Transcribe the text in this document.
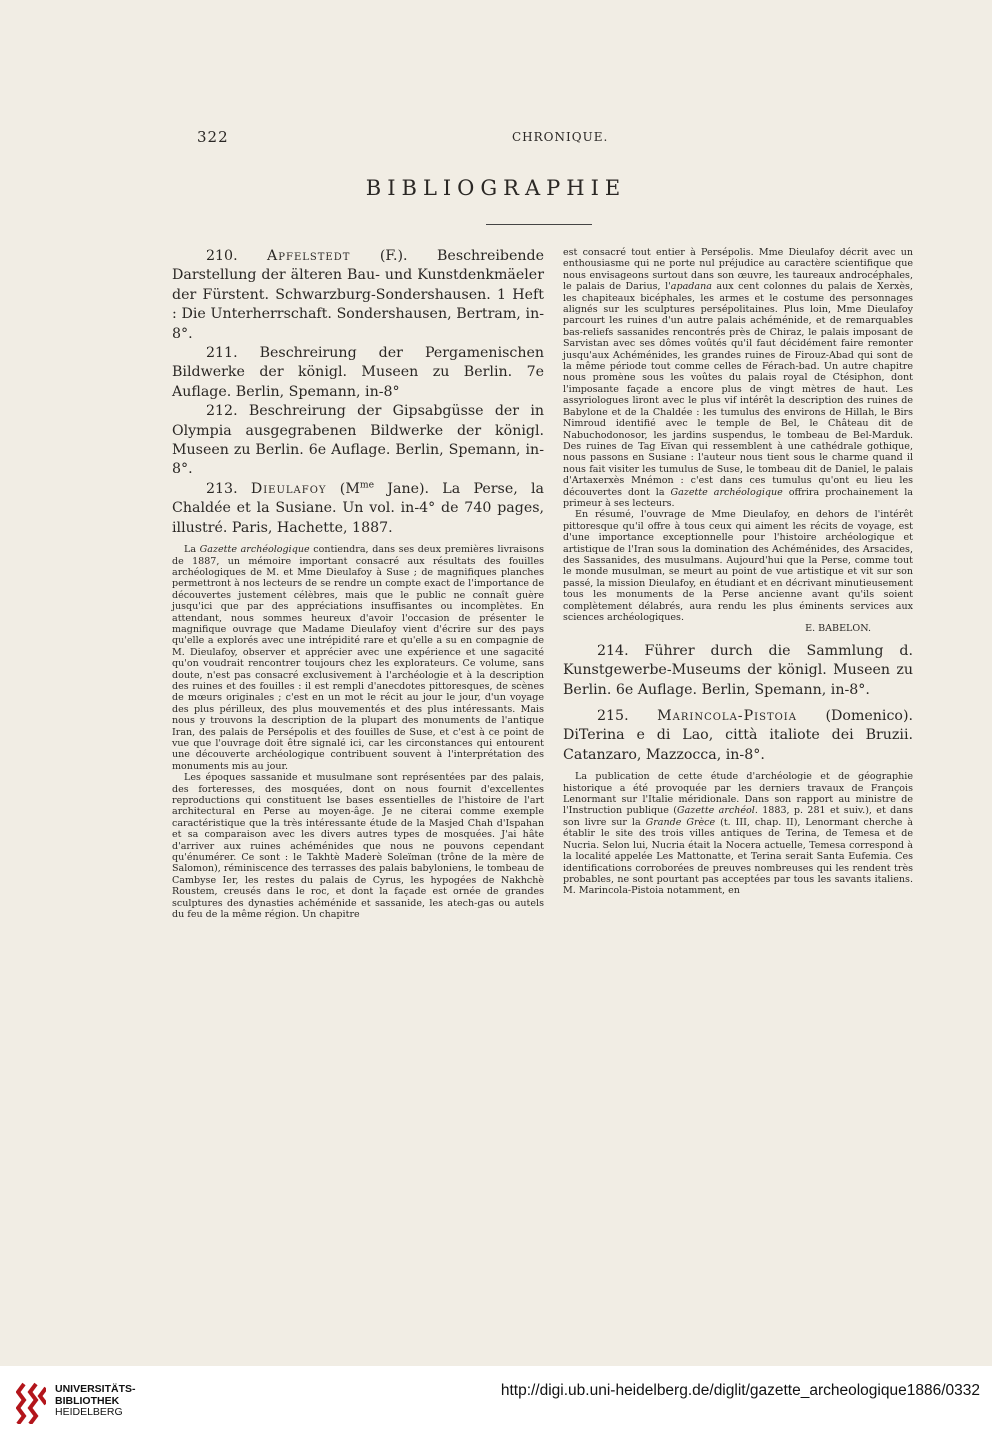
322	CHRONIQUE.
BIBLIOGRAPHIE

210. Apfelstedt (F.). Beschreibende Darstellung der älteren Bau- und Kunstdenkmäeler der Fürstent. Schwarzburg-Sondershausen. 1 Heft : Die Unterherrschaft. Sondershausen, Bertram, in-8°.

211. Beschreirung der Pergamenischen Bildwerke der königl. Museen zu Berlin. 7e Auflage. Berlin, Spemann, in-8°

212. Beschreirung der Gipsabgüsse der in Olympia ausgegrabenen Bildwerke der königl. Museen zu Berlin. 6e Auflage. Berlin, Spemann, in-8°.

213. Dieulafoy ($M^{me}$ Jane). La Perse, la Chaldée et la Susiane. Un vol. in-4° de 740 pages, illustré. Paris, Hachette, 1887.

La Gazette archéologique contiendra, dans ses deux premières livraisons de 1887, un mémoire important consacré aux résultats des fouilles archéologiques de M. et Mme Dieulafoy à Suse ; de magnifiques planches permettront à nos lecteurs de se rendre un compte exact de l'importance de découvertes justement célèbres, mais que le public ne connaît guère jusqu'ici que par des appréciations insuffisantes ou incomplètes. En attendant, nous sommes heureux d'avoir l'occasion de présenter le magnifique ouvrage que Madame Dieulafoy vient d'écrire sur des pays qu'elle a explorés avec une intrépidité rare et qu'elle a su en compagnie de M. Dieulafoy, observer et apprécier avec une expérience et une sagacité qu'on voudrait rencontrer toujours chez les explorateurs. Ce volume, sans doute, n'est pas consacré exclusivement à l'archéologie et à la description des ruines et des fouilles : il est rempli d'anecdotes pittoresques, de scènes de mœurs originales ; c'est en un mot le récit au jour le jour, d'un voyage des plus périlleux, des plus mouvementés et des plus intéressants. Mais nous y trouvons la description de la plupart des monuments de l'antique Iran, des palais de Persépolis et des fouilles de Suse, et c'est à ce point de vue que l'ouvrage doit être signalé ici, car les circonstances qui entourent une découverte archéologique contribuent souvent à l'interprétation des monuments mis au jour.

Les époques sassanide et musulmane sont représentées par des palais, des forteresses, des mosquées, dont on nous fournit d'excellentes reproductions qui constituent lse bases essentielles de l'histoire de l'art architectural en Perse au moyen-âge. Je ne citerai comme exemple caractéristique que la très intéressante étude de la Masjed Chah d'Ispahan et sa comparaison avec les divers autres types de mosquées. J'ai hâte d'arriver aux ruines achéménides que nous ne pouvons cependant qu'énumérer. Ce sont : le Takhtè Maderè Soleïman (trône de la mère de Salomon), réminiscence des terrasses des palais babyloniens, le tombeau de Cambyse Ier, les restes du palais de Cyrus, les hypogées de Nakhchè Roustem, creusés dans le roc, et dont la façade est ornée de grandes sculptures des dynasties achéménide et sassanide, les atech-gas ou autels du feu de la même région. Un chapitre

est consacré tout entier à Persépolis. Mme Dieulafoy décrit avec un enthousiasme qui ne porte nul préjudice au caractère scientifique que nous envisageons surtout dans son œuvre, les taureaux androcéphales, le palais de Darius, l'apadana aux cent colonnes du palais de Xerxès, les chapiteaux bicéphales, les armes et le costume des personnages alignés sur les sculptures persépolitaines. Plus loin, Mme Dieulafoy parcourt les ruines d'un autre palais achéménide, et de remarquables bas-reliefs sassanides rencontrés près de Chiraz, le palais imposant de Sarvistan avec ses dômes voûtés qu'il faut décidément faire remonter jusqu'aux Achéménides, les grandes ruines de Firouz-Abad qui sont de la même période tout comme celles de Férach-bad. Un autre chapitre nous promène sous les voûtes du palais royal de Ctésiphon, dont l'imposante façade a encore plus de vingt mètres de haut. Les assyriologues liront avec le plus vif intérêt la description des ruines de Babylone et de la Chaldée : les tumulus des environs de Hillah, le Birs Nimroud identifié avec le temple de Bel, le Château dit de Nabuchodonosor, les jardins suspendus, le tombeau de Bel-Marduk. Des ruines de Tag Eïvan qui ressemblent à une cathédrale gothique, nous passons en Susiane : l'auteur nous tient sous le charme quand il nous fait visiter les tumulus de Suse, le tombeau dit de Daniel, le palais d'Artaxerxès Mnémon : c'est dans ces tumulus qu'ont eu lieu les découvertes dont la Gazette archéologique offrira prochainement la primeur à ses lecteurs.

En résumé, l'ouvrage de Mme Dieulafoy, en dehors de l'intérêt pittoresque qu'il offre à tous ceux qui aiment les récits de voyage, est d'une importance exceptionnelle pour l'histoire archéologique et artistique de l'Iran sous la domination des Achéménides, des Arsacides, des Sassanides, des musulmans. Aujourd'hui que la Perse, comme tout le monde musulman, se meurt au point de vue artistique et vit sur son passé, la mission Dieulafoy, en étudiant et en décrivant minutieusement tous les monuments de la Perse ancienne avant qu'ils soient complètement délabrés, aura rendu les plus éminents services aux sciences archéologiques.

E. BABELON.

214. Führer durch die Sammlung d. Kunstgewerbe-Museums der königl. Museen zu Berlin. 6e Auflage. Berlin, Spemann, in-8°.

215. Marincola-Pistoia (Domenico). DiTerina e di Lao, città italiote dei Bruzii. Catanzaro, Mazzocca, in-8°.

La publication de cette étude d'archéologie et de géographie historique a été provoquée par les derniers travaux de François Lenormant sur l'Italie méridionale. Dans son rapport au ministre de l'Instruction publique (Gazette archéol. 1883, p. 281 et suiv.), et dans son livre sur la Grande Grèce (t. III, chap. II), Lenormant cherche à établir le site des trois villes antiques de Terina, de Temesa et de Nucria. Selon lui, Nucria était la Nocera actuelle, Temesa correspond à la localité appelée Les Mattonatte, et Terina serait Santa Eufemia. Ces identifications corroborées de preuves nombreuses qui les rendent très probables, ne sont pourtant pas acceptées par tous les savants italiens. M. Marincola-Pistoia notamment, en

UNIVERSITÄTS-
BIBLIOTHEK
HEIDELBERG
http://digi.ub.uni-heidelberg.de/diglit/gazette_archeologique1886/0332
